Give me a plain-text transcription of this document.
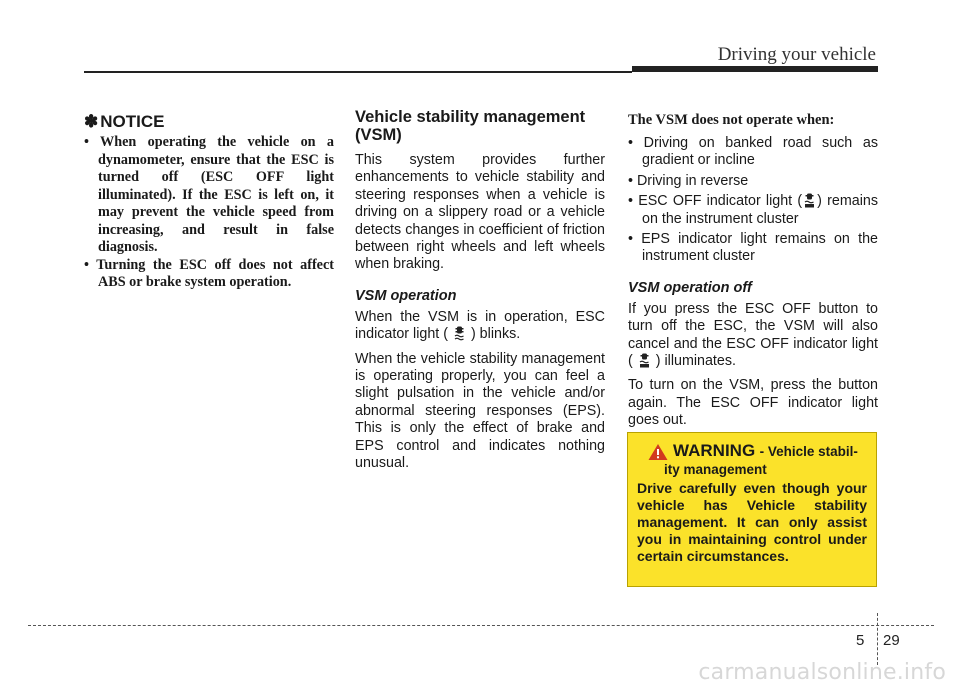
Driving your vehicle
✽ NOTICE
• When operating the vehicle on a dynamometer, ensure that the ESC is turned off (ESC OFF light illuminated). If the ESC is left on, it may prevent the vehicle speed from increasing, and result in false diagnosis.
• Turning the ESC off does not affect ABS or brake system operation.
Vehicle stability management (VSM)

This system provides further enhancements to vehicle stability and steering responses when a vehicle is driving on a slippery road or a vehicle detects changes in coefficient of friction between right wheels and left wheels when braking.

VSM operation

When the VSM is in operation, ESC indicator light ( ) blinks.

When the vehicle stability management is operating properly, you can feel a slight pulsation in the vehicle and/or abnormal steering responses (EPS). This is only the effect of brake and EPS control and indicates nothing unusual.

The VSM does not operate when:
• Driving on banked road such as gradient or incline
• Driving in reverse
• ESC OFF indicator light ( ) remains on the instrument cluster
• EPS indicator light remains on the instrument cluster
VSM operation off

If you press the ESC OFF button to turn off the ESC, the VSM will also cancel and the ESC OFF indicator light ( ) illuminates.

To turn on the VSM, press the button again. The ESC OFF indicator light goes out.

WARNING - Vehicle stabil-
ity management

Drive carefully even though your vehicle has Vehicle stability management. It can only assist you in maintaining control under certain circumstances.

5 29
carmanualsonline.info
